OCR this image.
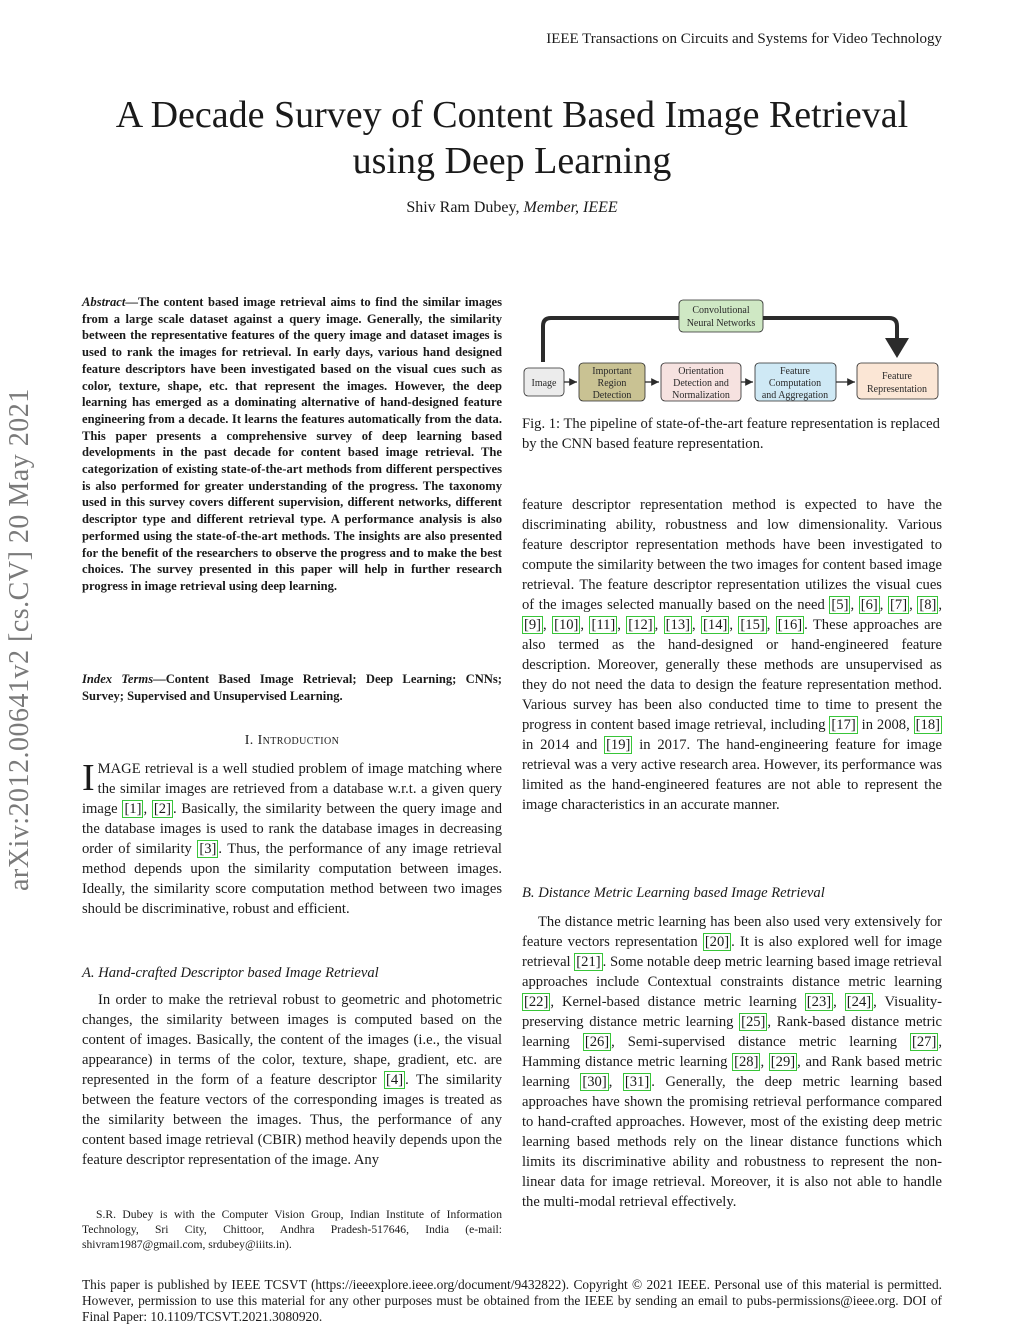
IEEE Transactions on Circuits and Systems for Video Technology
A Decade Survey of Content Based Image Retrieval
using Deep Learning
Shiv Ram Dubey, Member, IEEE
arXiv:2012.00641v2 [cs.CV] 20 May 2021
Abstract—The content based image retrieval aims to find the similar images from a large scale dataset against a query image. Generally, the similarity between the representative features of the query image and dataset images is used to rank the images for retrieval. In early days, various hand designed feature descriptors have been investigated based on the visual cues such as color, texture, shape, etc. that represent the images. However, the deep learning has emerged as a dominating alternative of hand-designed feature engineering from a decade. It learns the features automatically from the data. This paper presents a comprehensive survey of deep learning based developments in the past decade for content based image retrieval. The categorization of existing state-of-the-art methods from different perspectives is also performed for greater understanding of the progress. The taxonomy used in this survey covers different supervision, different networks, different descriptor type and different retrieval type. A performance analysis is also performed using the state-of-the-art methods. The insights are also presented for the benefit of the researchers to observe the progress and to make the best choices. The survey presented in this paper will help in further research progress in image retrieval using deep learning.
Index Terms—Content Based Image Retrieval; Deep Learning; CNNs; Survey; Supervised and Unsupervised Learning.
I. Introduction
IMAGE retrieval is a well studied problem of image matching where the similar images are retrieved from a database w.r.t. a given query image [1] , [2] . Basically, the similarity between the query image and the database images is used to rank the database images in decreasing order of similarity [3] . Thus, the performance of any image retrieval method depends upon the similarity computation between images. Ideally, the similarity score computation method between two images should be discriminative, robust and efficient.
A. Hand-crafted Descriptor based Image Retrieval
In order to make the retrieval robust to geometric and photometric changes, the similarity between images is computed based on the content of images. Basically, the content of the images (i.e., the visual appearance) in terms of the color, texture, shape, gradient, etc. are represented in the form of a feature descriptor [4] . The similarity between the feature vectors of the corresponding images is treated as the similarity between the images. Thus, the performance of any content based image retrieval (CBIR) method heavily depends upon the feature descriptor representation of the image. Any
S.R. Dubey is with the Computer Vision Group, Indian Institute of Information Technology, Sri City, Chittoor, Andhra Pradesh-517646, India (e-mail: shivram1987@gmail.com, srdubey@iiits.in).
Convolutional
Neural Networks
Image
Important
Region
Detection
Orientation
Detection and
Normalization
Feature
Computation
and Aggregation
Feature
Representation
Fig. 1: The pipeline of state-of-the-art feature representation is replaced by the CNN based feature representation.
feature descriptor representation method is expected to have the discriminating ability, robustness and low dimensionality. Various feature descriptor representation methods have been investigated to compute the similarity between the two images for content based image retrieval. The feature descriptor representation utilizes the visual cues of the images selected manually based on the need [5] , [6] , [7] , [8] , [9] , [10] , [11] , [12] , [13] , [14] , [15] , [16] . These approaches are also termed as the hand-designed or hand-engineered feature description. Moreover, generally these methods are unsupervised as they do not need the data to design the feature representation method. Various survey has been also conducted time to time to present the progress in content based image retrieval, including [17] in 2008, [18] in 2014 and [19] in 2017. The hand-engineering feature for image retrieval was a very active research area. However, its performance was limited as the hand-engineered features are not able to represent the image characteristics in an accurate manner.
B. Distance Metric Learning based Image Retrieval
The distance metric learning has been also used very extensively for feature vectors representation [20] . It is also explored well for image retrieval [21] . Some notable deep metric learning based image retrieval approaches include Contextual constraints distance metric learning [22] , Kernel-based distance metric learning [23] , [24] , Visuality-preserving distance metric learning [25] , Rank-based distance metric learning [26] , Semi-supervised distance metric learning [27] , Hamming distance metric learning [28] , [29] , and Rank based metric learning [30] , [31] . Generally, the deep metric learning based approaches have shown the promising retrieval performance compared to hand-crafted approaches. However, most of the existing deep metric learning based methods rely on the linear distance functions which limits its discriminative ability and robustness to represent the non-linear data for image retrieval. Moreover, it is also not able to handle the multi-modal retrieval effectively.
This paper is published by IEEE TCSVT (https://ieeexplore.ieee.org/document/9432822). Copyright © 2021 IEEE. Personal use of this material is permitted. However, permission to use this material for any other purposes must be obtained from the IEEE by sending an email to pubs-permissions@ieee.org. DOI of Final Paper: 10.1109/TCSVT.2021.3080920.
